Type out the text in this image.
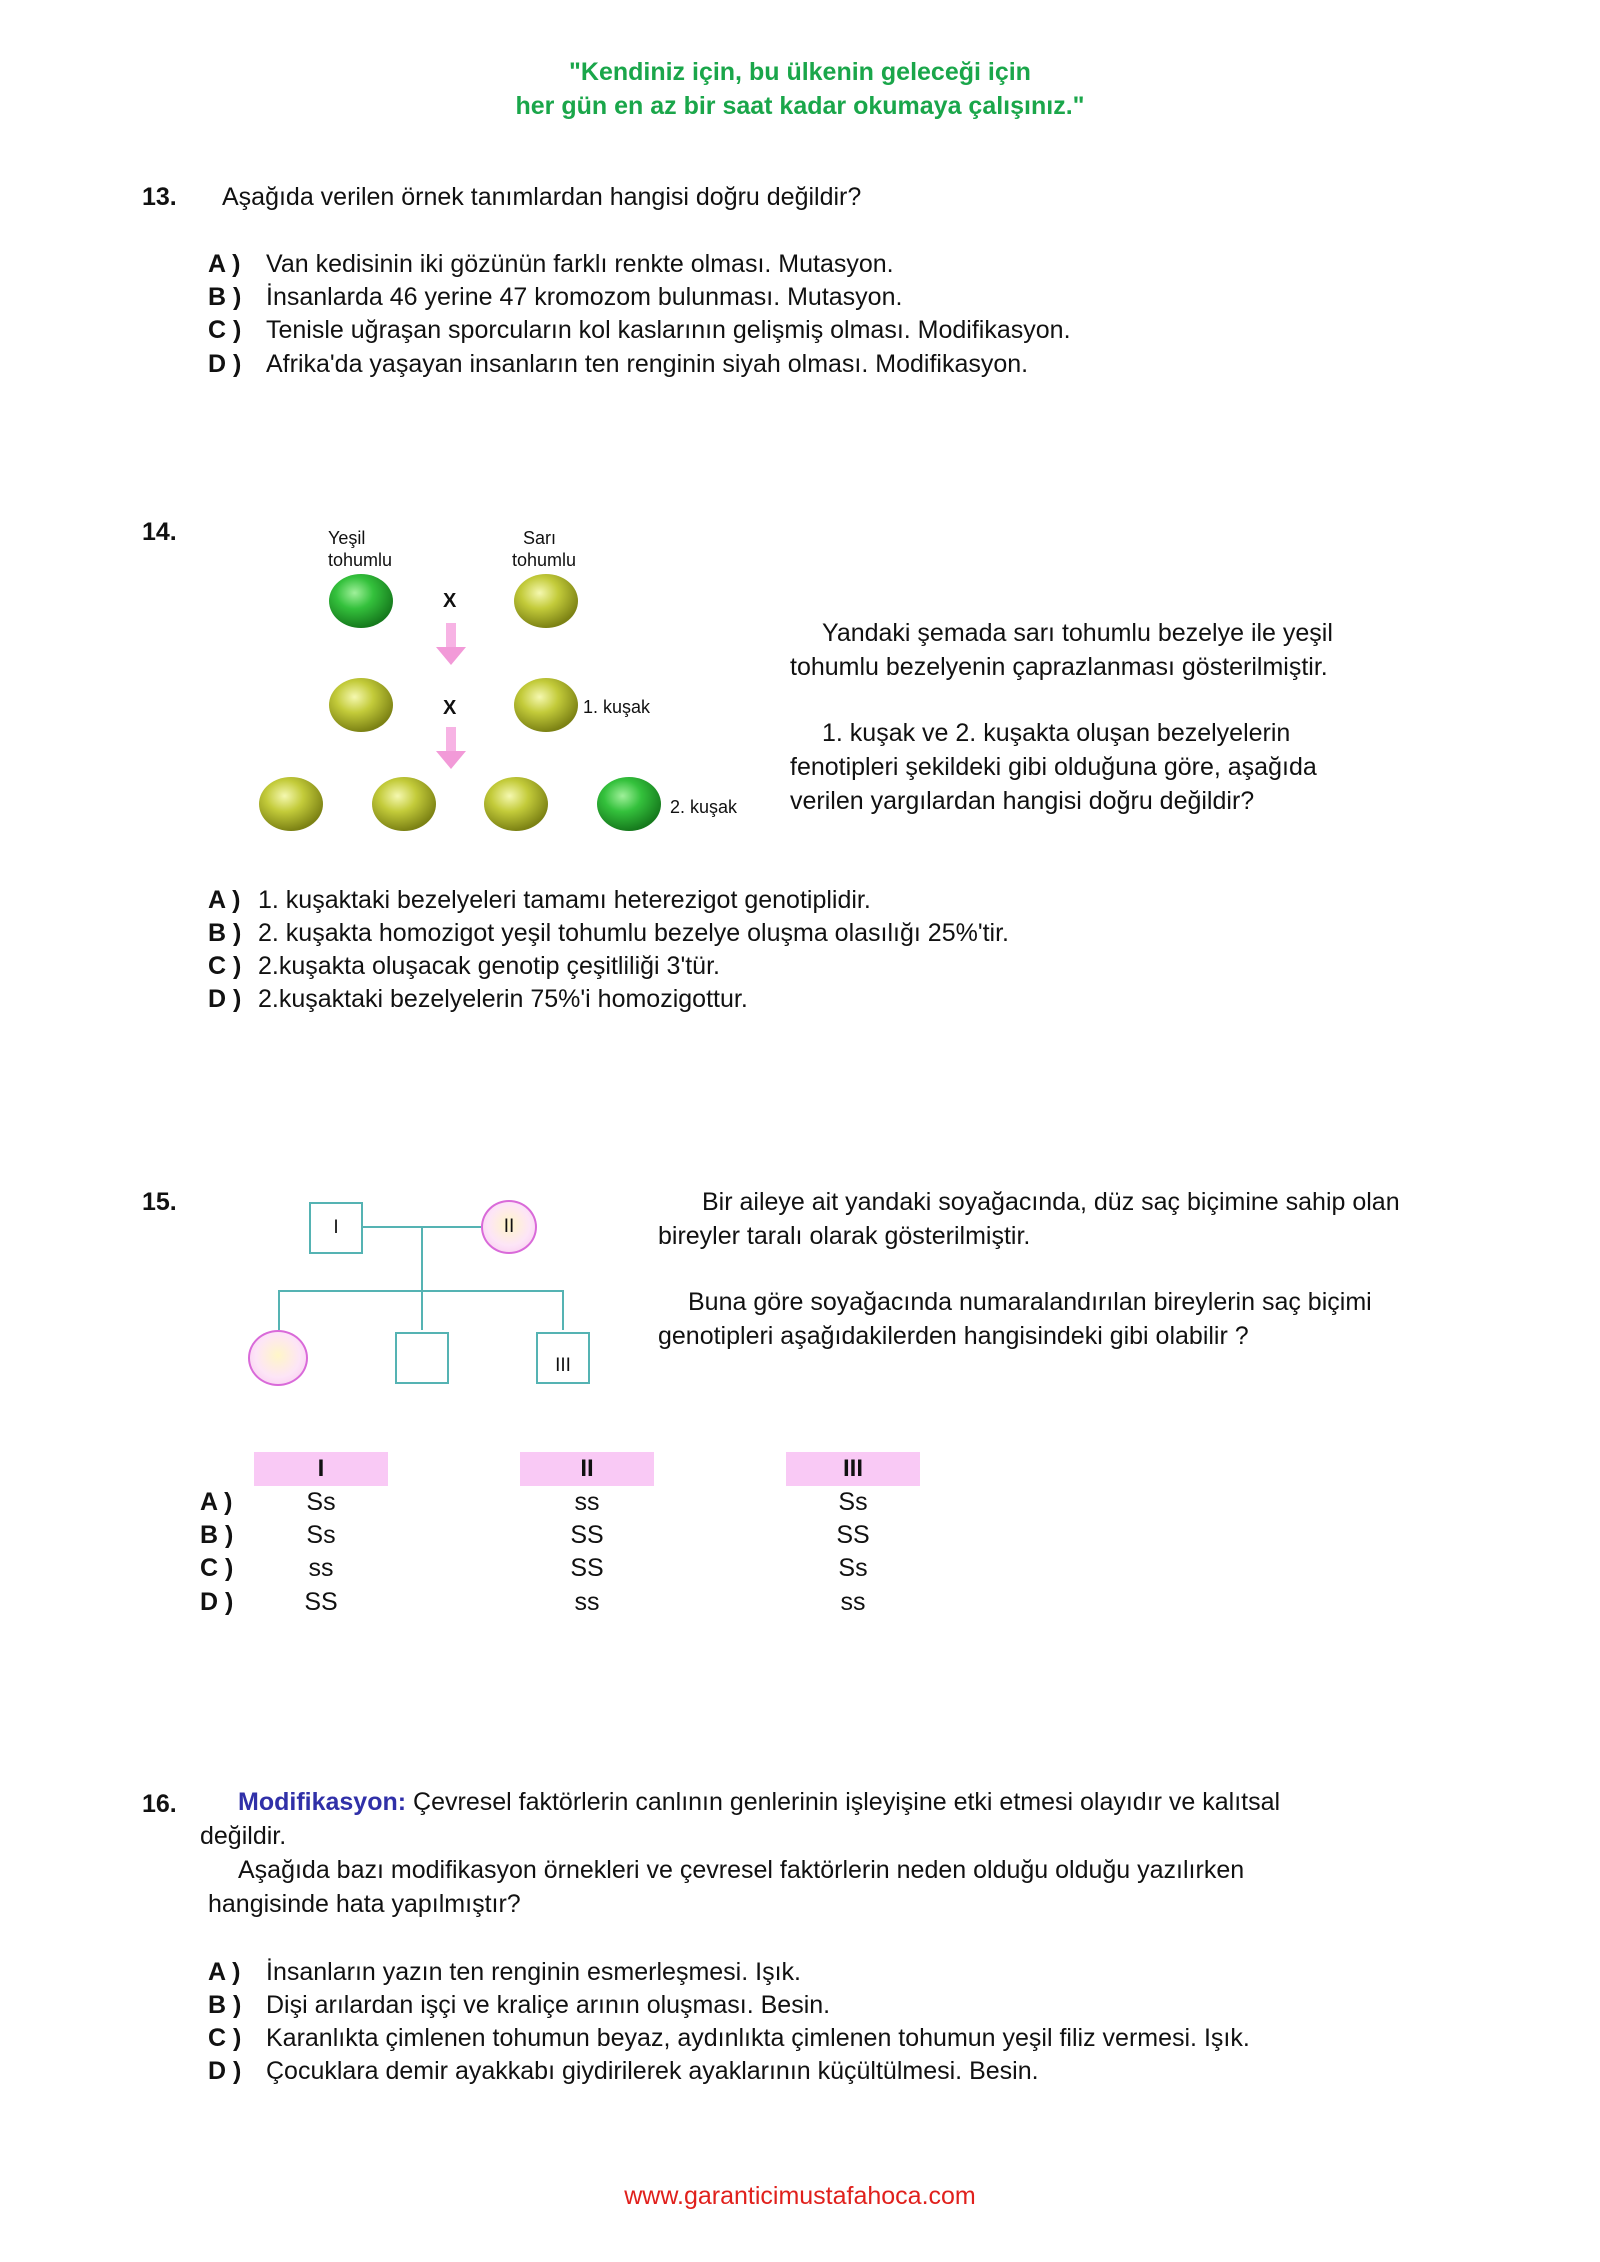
"Kendiniz için, bu ülkenin geleceği için
her gün en az bir saat kadar okumaya çalışınız."
13. Aşağıda verilen örnek tanımlardan hangisi doğru değildir?
A ) Van kedisinin iki gözünün farklı renkte olması. Mutasyon.
B ) İnsanlarda 46 yerine 47 kromozom bulunması. Mutasyon.
C ) Tenisle uğraşan sporcuların kol kaslarının gelişmiş olması. Modifikasyon.
D ) Afrika'da yaşayan insanların ten renginin siyah olması. Modifikasyon.
14.	Yeşil
tohumlu
Sarı
tohumlu
X
X	1. kuşak
2. kuşak
Yandaki şemada sarı tohumlu bezelye ile yeşil tohumlu bezelyenin çaprazlanması gösterilmiştir.
1. kuşak ve 2. kuşakta oluşan bezelyelerin fenotipleri şekildeki gibi olduğuna göre, aşağıda verilen yargılardan hangisi doğru değildir?
A ) 1. kuşaktaki bezelyeleri tamamı heterezigot genotiplidir.
B ) 2. kuşakta homozigot yeşil tohumlu bezelye oluşma olasılığı 25%'tir.
C ) 2.kuşakta oluşacak genotip çeşitliliği 3'tür.
D ) 2.kuşaktaki bezelyelerin 75%'i homozigottur.
15.
I	II
III
Bir aileye ait yandaki soyağacında, düz saç biçimine sahip olan bireyler taralı olarak gösterilmiştir.
Buna göre soyağacında numaralandırılan bireylerin saç biçimi genotipleri aşağıdakilerden hangisindeki gibi olabilir ?
I	II	III
A )	Ss	ss	Ss
B )	Ss	SS	SS
C )	ss	SS	Ss
D )	SS	ss	ss
16. Modifikasyon: Çevresel faktörlerin canlının genlerinin işleyişine etki etmesi olayıdır ve kalıtsal
değildir.
Aşağıda bazı modifikasyon örnekleri ve çevresel faktörlerin neden olduğu olduğu yazılırken
hangisinde hata yapılmıştır?
A ) İnsanların yazın ten renginin esmerleşmesi. Işık.
B ) Dişi arılardan işçi ve kraliçe arının oluşması. Besin.
C ) Karanlıkta çimlenen tohumun beyaz, aydınlıkta çimlenen tohumun yeşil filiz vermesi. Işık.
D ) Çocuklara demir ayakkabı giydirilerek ayaklarının küçültülmesi. Besin.
www.garanticimustafahoca.com
